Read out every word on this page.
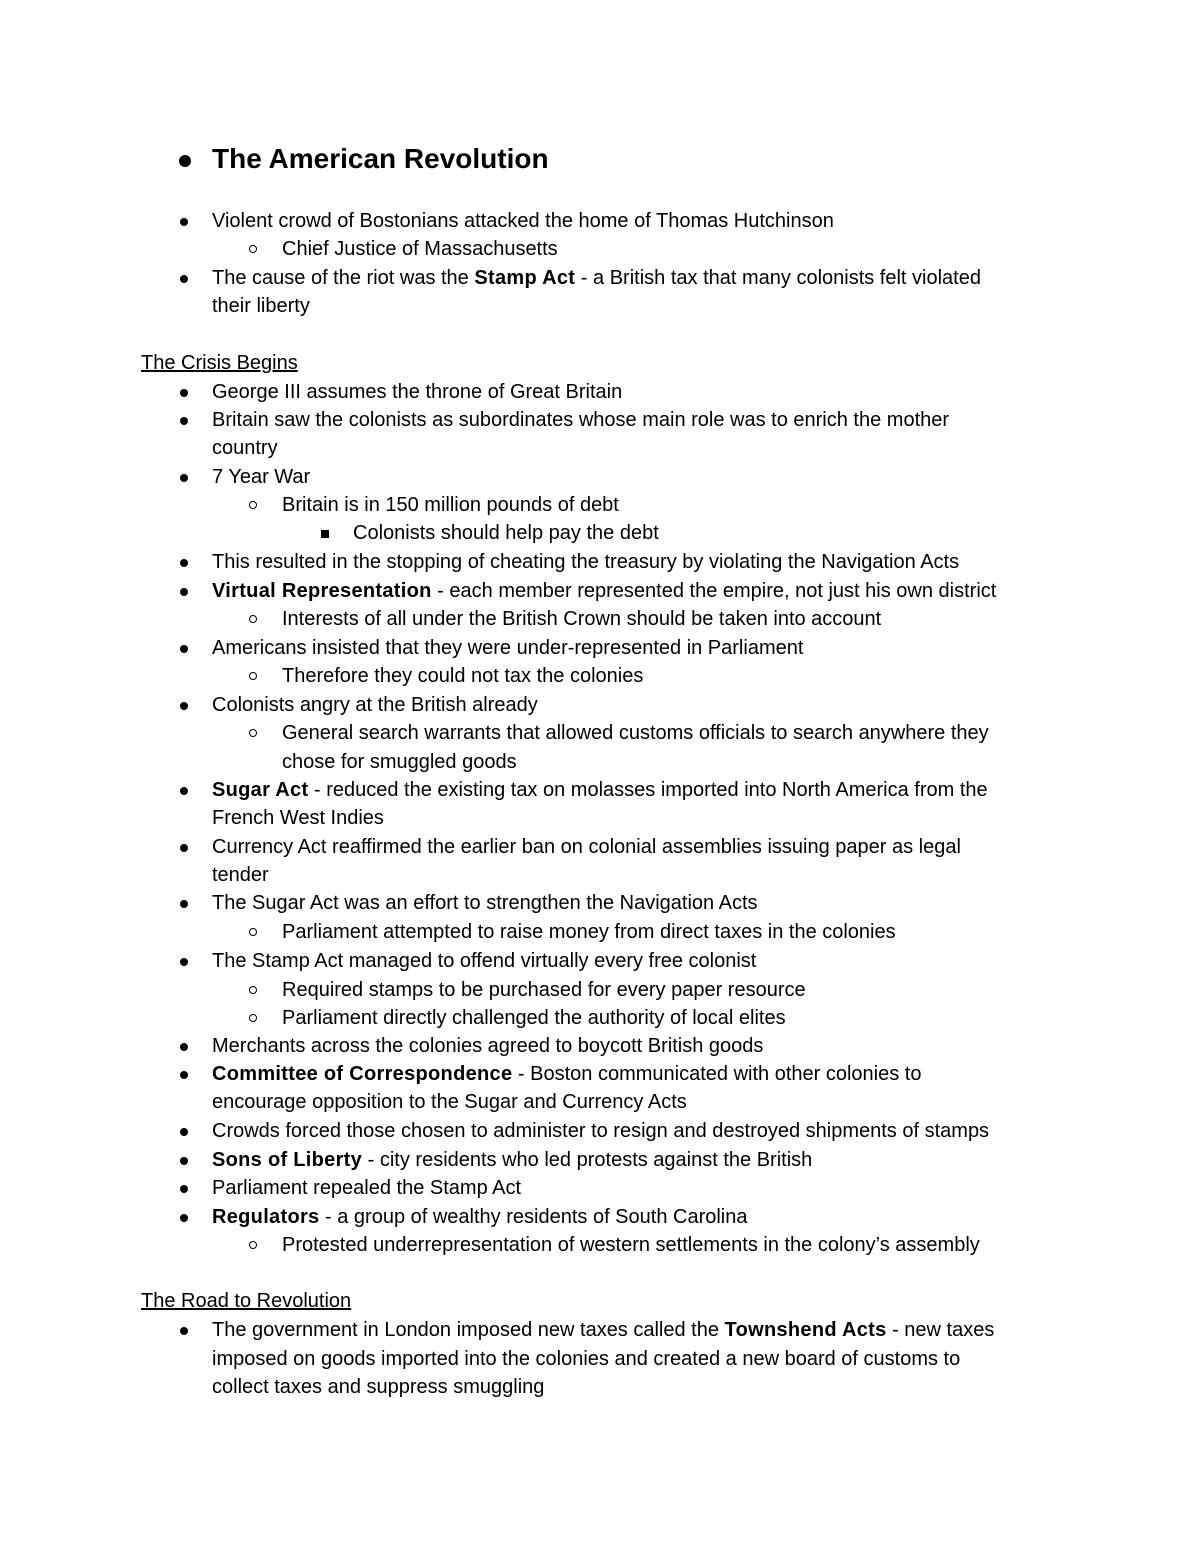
The American Revolution
Violent crowd of Bostonians attacked the home of Thomas Hutchinson
Chief Justice of Massachusetts
The cause of the riot was the Stamp Act - a British tax that many colonists felt violated
their liberty
The Crisis Begins
George III assumes the throne of Great Britain
Britain saw the colonists as subordinates whose main role was to enrich the mother
country
7 Year War
Britain is in 150 million pounds of debt
Colonists should help pay the debt
This resulted in the stopping of cheating the treasury by violating the Navigation Acts
Virtual Representation - each member represented the empire, not just his own district
Interests of all under the British Crown should be taken into account
Americans insisted that they were under-represented in Parliament
Therefore they could not tax the colonies
Colonists angry at the British already
General search warrants that allowed customs officials to search anywhere they
chose for smuggled goods
Sugar Act - reduced the existing tax on molasses imported into North America from the
French West Indies
Currency Act reaffirmed the earlier ban on colonial assemblies issuing paper as legal
tender
The Sugar Act was an effort to strengthen the Navigation Acts
Parliament attempted to raise money from direct taxes in the colonies
The Stamp Act managed to offend virtually every free colonist
Required stamps to be purchased for every paper resource
Parliament directly challenged the authority of local elites
Merchants across the colonies agreed to boycott British goods
Committee of Correspondence - Boston communicated with other colonies to
encourage opposition to the Sugar and Currency Acts
Crowds forced those chosen to administer to resign and destroyed shipments of stamps
Sons of Liberty - city residents who led protests against the British
Parliament repealed the Stamp Act
Regulators - a group of wealthy residents of South Carolina
Protested underrepresentation of western settlements in the colony’s assembly
The Road to Revolution
The government in London imposed new taxes called the Townshend Acts - new taxes
imposed on goods imported into the colonies and created a new board of customs to
collect taxes and suppress smuggling
